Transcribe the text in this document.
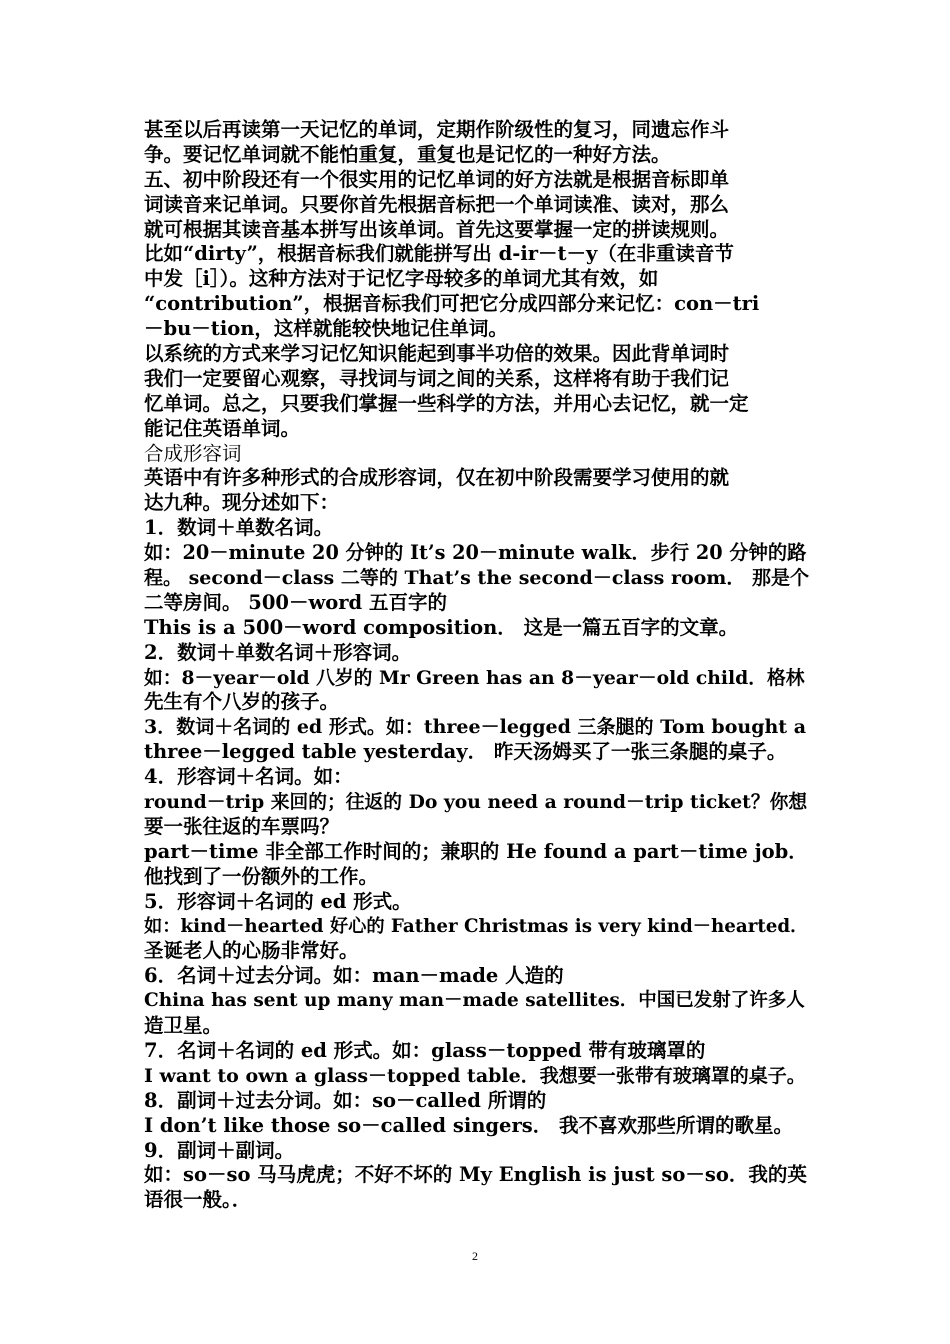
甚至以后再读第一天记忆的单词，定期作阶级性的复习，同遗忘作斗
争。要记忆单词就不能怕重复，重复也是记忆的一种好方法。
五、初中阶段还有一个很实用的记忆单词的好方法就是根据音标即单
词读音来记单词。只要你首先根据音标把一个单词读准、读对，那么
就可根据其读音基本拼写出该单词。首先这要掌握一定的拼读规则。
比如“dirty”，根据音标我们就能拼写出 d-ir－t－y（在非重读音节
中发［i］）。这种方法对于记忆字母较多的单词尤其有效，如
“contribution”，根据音标我们可把它分成四部分来记忆：con－tri
－bu－tion，这样就能较快地记住单词。
以系统的方式来学习记忆知识能起到事半功倍的效果。因此背单词时
我们一定要留心观察，寻找词与词之间的关系，这样将有助于我们记
忆单词。总之，只要我们掌握一些科学的方法，并用心去记忆，就一定
能记住英语单词。
合成形容词
英语中有许多种形式的合成形容词，仅在初中阶段需要学习使用的就
达九种。现分述如下：
1．数词＋单数名词。
如：20－minute 20 分钟的 It’s 20－minute walk．步行 20 分钟的路
程。 second－class 二等的 That’s the second－class room． 那是个
二等房间。 500－word 五百字的
This is a 500－word composition． 这是一篇五百字的文章。
2．数词＋单数名词＋形容词。
如：8－year－old 八岁的 Mr Green has an 8－year－old child．格林
先生有个八岁的孩子。
3．数词＋名词的 ed 形式。如：three－legged 三条腿的 Tom bought a
three－legged table yesterday． 昨天汤姆买了一张三条腿的桌子。
4．形容词＋名词。如：
round－trip 来回的；往返的 Do you need a round－trip ticket？你想
要一张往返的车票吗？
part－time 非全部工作时间的；兼职的 He found a part－time job．
他找到了一份额外的工作。
5．形容词＋名词的 ed 形式。
如：kind－hearted 好心的 Father Christmas is very kind－hearted．
圣诞老人的心肠非常好。
6．名词＋过去分词。如：man－made 人造的
China has sent up many man－made satellites．中国已发射了许多人
造卫星。
7．名词＋名词的 ed 形式。如：glass－topped 带有玻璃罩的
I want to own a glass－topped table．我想要一张带有玻璃罩的桌子。
8．副词＋过去分词。如：so－called 所谓的
I don’t like those so－called singers． 我不喜欢那些所谓的歌星。
9．副词＋副词。
如：so－so 马马虎虎；不好不坏的 My English is just so－so．我的英
语很一般。．
2
